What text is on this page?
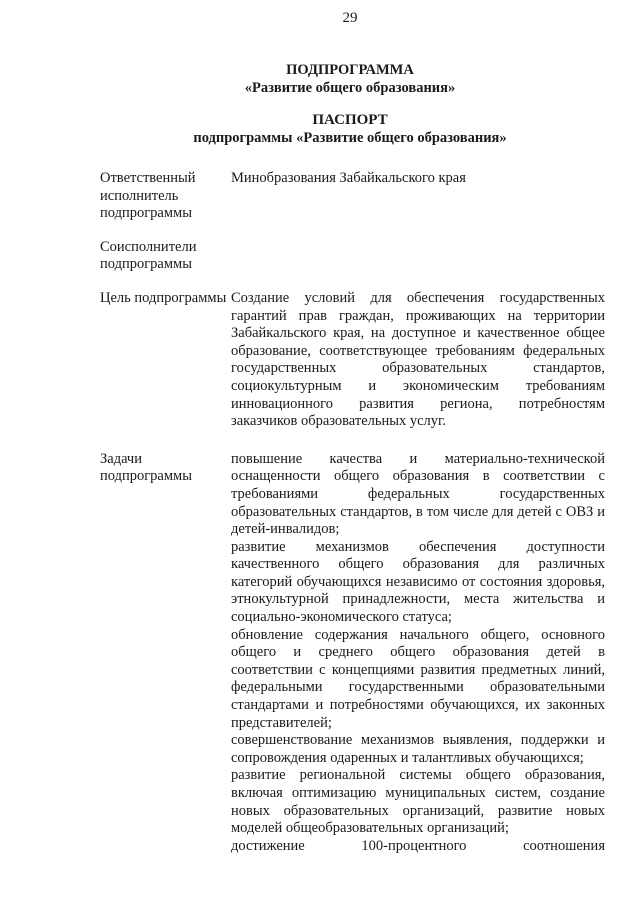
29
ПОДПРОГРАММА
«Развитие общего образования»
ПАСПОРТ
подпрограммы «Развитие общего образования»
Ответственный исполнитель подпрограммы
Минобразования Забайкальского края
Соисполнители подпрограммы
Цель подпрограммы Создание условий для обеспечения государственных гарантий прав граждан, проживающих на территории Забайкальского края, на доступное и качественное общее образование, соответствующее требованиям федеральных государственных образовательных стандартов, социокультурным и экономическим требованиям инновационного развития региона, потребностям заказчиков образовательных услуг.
Задачи подпрограммы
повышение качества и материально-технической оснащенности общего образования в соответствии с требованиями федеральных государственных образовательных стандартов, в том числе для детей с ОВЗ и детей-инвалидов;
развитие механизмов обеспечения доступности качественного общего образования для различных категорий обучающихся независимо от состояния здоровья, этнокультурной принадлежности, места жительства и социально-экономического статуса;
обновление содержания начального общего, основного общего и среднего общего образования детей в соответствии с концепциями развития предметных линий, федеральными государственными образовательными стандартами и потребностями обучающихся, их законных представителей;
совершенствование механизмов выявления, поддержки и сопровождения одаренных и талантливых обучающихся;
развитие региональной системы общего образования, включая оптимизацию муниципальных систем, создание новых образовательных организаций, развитие новых моделей общеобразовательных организаций;
достижение 100-процентного соотношения
